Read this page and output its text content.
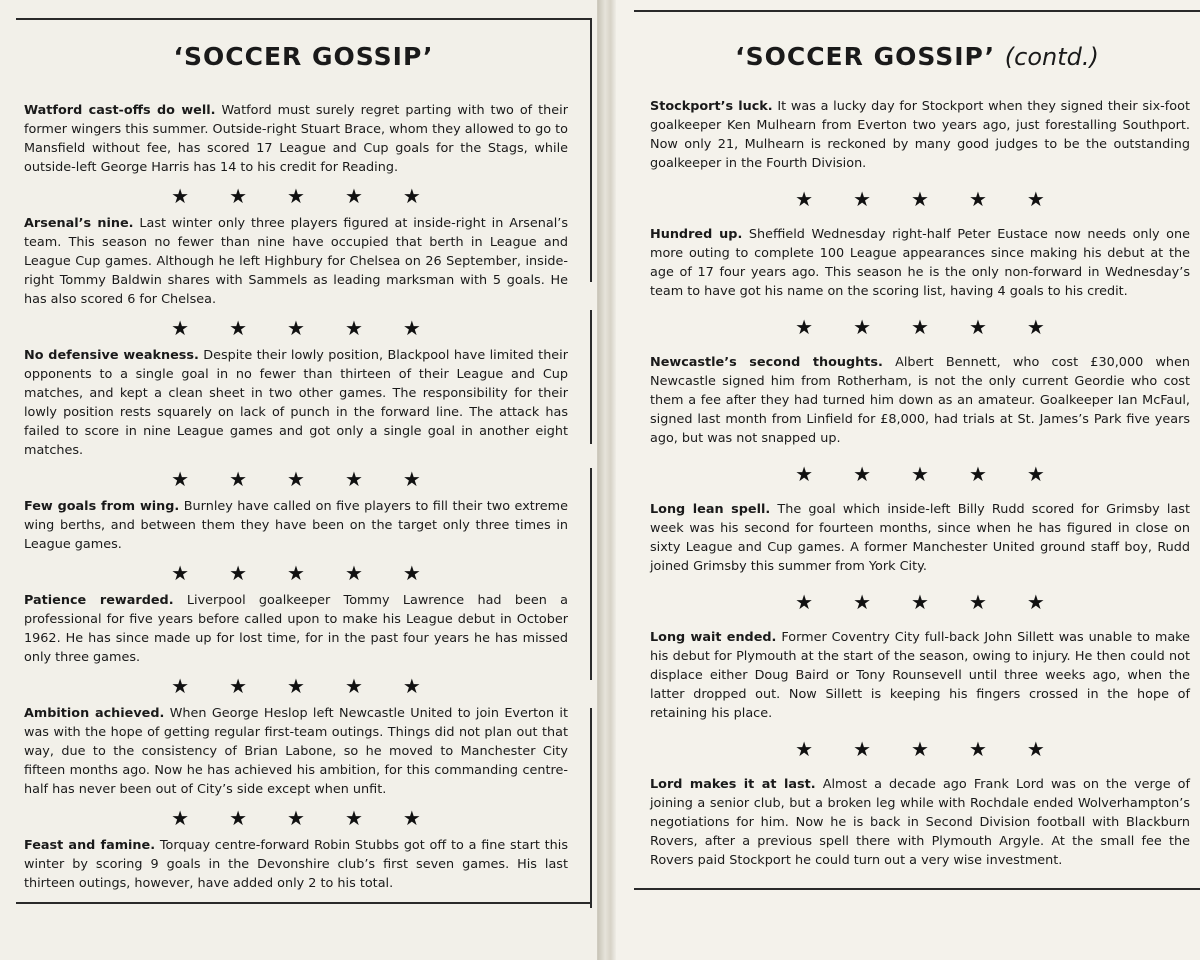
‘SOCCER GOSSIP’

Watford cast-offs do well. Watford must surely regret parting with two of their former wingers this summer. Outside-right Stuart Brace, whom they allowed to go to Mansfield without fee, has scored 17 League and Cup goals for the Stags, while outside-left George Harris has 14 to his credit for Reading.

★ ★ ★ ★ ★

Arsenal’s nine. Last winter only three players figured at inside-right in Arsenal’s team. This season no fewer than nine have occupied that berth in League and League Cup games. Although he left Highbury for Chelsea on 26 September, inside-right Tommy Baldwin shares with Sammels as leading marksman with 5 goals. He has also scored 6 for Chelsea.

★ ★ ★ ★ ★

No defensive weakness. Despite their lowly position, Blackpool have limited their opponents to a single goal in no fewer than thirteen of their League and Cup matches, and kept a clean sheet in two other games. The responsibility for their lowly position rests squarely on lack of punch in the forward line. The attack has failed to score in nine League games and got only a single goal in another eight matches.

★ ★ ★ ★ ★

Few goals from wing. Burnley have called on five players to fill their two extreme wing berths, and between them they have been on the target only three times in League games.

★ ★ ★ ★ ★

Patience rewarded. Liverpool goalkeeper Tommy Lawrence had been a professional for five years before called upon to make his League debut in October 1962. He has since made up for lost time, for in the past four years he has missed only three games.

★ ★ ★ ★ ★

Ambition achieved. When George Heslop left Newcastle United to join Everton it was with the hope of getting regular first-team outings. Things did not plan out that way, due to the consistency of Brian Labone, so he moved to Manchester City fifteen months ago. Now he has achieved his ambition, for this commanding centre-half has never been out of City’s side except when unfit.

★ ★ ★ ★ ★

Feast and famine. Torquay centre-forward Robin Stubbs got off to a fine start this winter by scoring 9 goals in the Devonshire club’s first seven games. His last thirteen outings, however, have added only 2 to his total.

‘SOCCER GOSSIP’ (contd.)

Stockport’s luck. It was a lucky day for Stockport when they signed their six-foot goalkeeper Ken Mulhearn from Everton two years ago, just forestalling Southport. Now only 21, Mulhearn is reckoned by many good judges to be the outstanding goalkeeper in the Fourth Division.

★ ★ ★ ★ ★

Hundred up. Sheffield Wednesday right-half Peter Eustace now needs only one more outing to complete 100 League appearances since making his debut at the age of 17 four years ago. This season he is the only non-forward in Wednesday’s team to have got his name on the scoring list, having 4 goals to his credit.

★ ★ ★ ★ ★

Newcastle’s second thoughts. Albert Bennett, who cost £30,000 when Newcastle signed him from Rotherham, is not the only current Geordie who cost them a fee after they had turned him down as an amateur. Goalkeeper Ian McFaul, signed last month from Linfield for £8,000, had trials at St. James’s Park five years ago, but was not snapped up.

★ ★ ★ ★ ★

Long lean spell. The goal which inside-left Billy Rudd scored for Grimsby last week was his second for fourteen months, since when he has figured in close on sixty League and Cup games. A former Manchester United ground staff boy, Rudd joined Grimsby this summer from York City.

★ ★ ★ ★ ★

Long wait ended. Former Coventry City full-back John Sillett was unable to make his debut for Plymouth at the start of the season, owing to injury. He then could not displace either Doug Baird or Tony Rounsevell until three weeks ago, when the latter dropped out. Now Sillett is keeping his fingers crossed in the hope of retaining his place.

★ ★ ★ ★ ★

Lord makes it at last. Almost a decade ago Frank Lord was on the verge of joining a senior club, but a broken leg while with Rochdale ended Wolverhampton’s negotiations for him. Now he is back in Second Division football with Blackburn Rovers, after a previous spell there with Plymouth Argyle. At the small fee the Rovers paid Stockport he could turn out a very wise investment.
